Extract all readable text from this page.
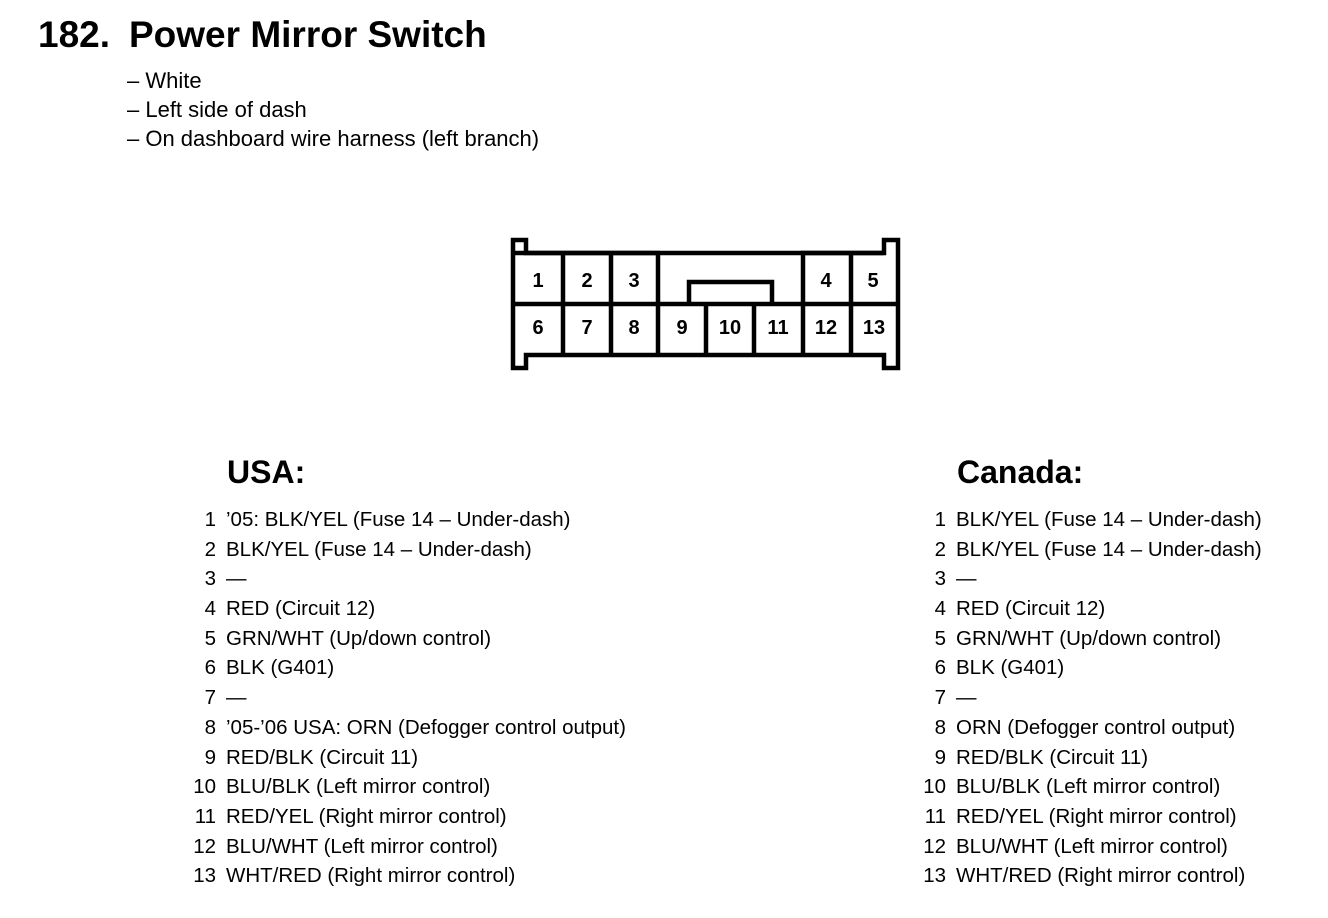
182. Power Mirror Switch
– White
– Left side of dash
– On dashboard wire harness (left branch)
1 2 3	4 5
6 7 8 9 10 11 12 13
USA:	Canada:
1 ’05: BLK/YEL (Fuse 14 – Under-dash)
2 BLK/YEL (Fuse 14 – Under-dash)
3 —
4 RED (Circuit 12)
5 GRN/WHT (Up/down control)
6 BLK (G401)
7 —
8 ’05-’06 USA: ORN (Defogger control output)
9 RED/BLK (Circuit 11)
10 BLU/BLK (Left mirror control)
11 RED/YEL (Right mirror control)
12 BLU/WHT (Left mirror control)
13 WHT/RED (Right mirror control)
1 BLK/YEL (Fuse 14 – Under-dash)
2 BLK/YEL (Fuse 14 – Under-dash)
3 —
4 RED (Circuit 12)
5 GRN/WHT (Up/down control)
6 BLK (G401)
7 —
8 ORN (Defogger control output)
9 RED/BLK (Circuit 11)
10 BLU/BLK (Left mirror control)
11 RED/YEL (Right mirror control)
12 BLU/WHT (Left mirror control)
13 WHT/RED (Right mirror control)
